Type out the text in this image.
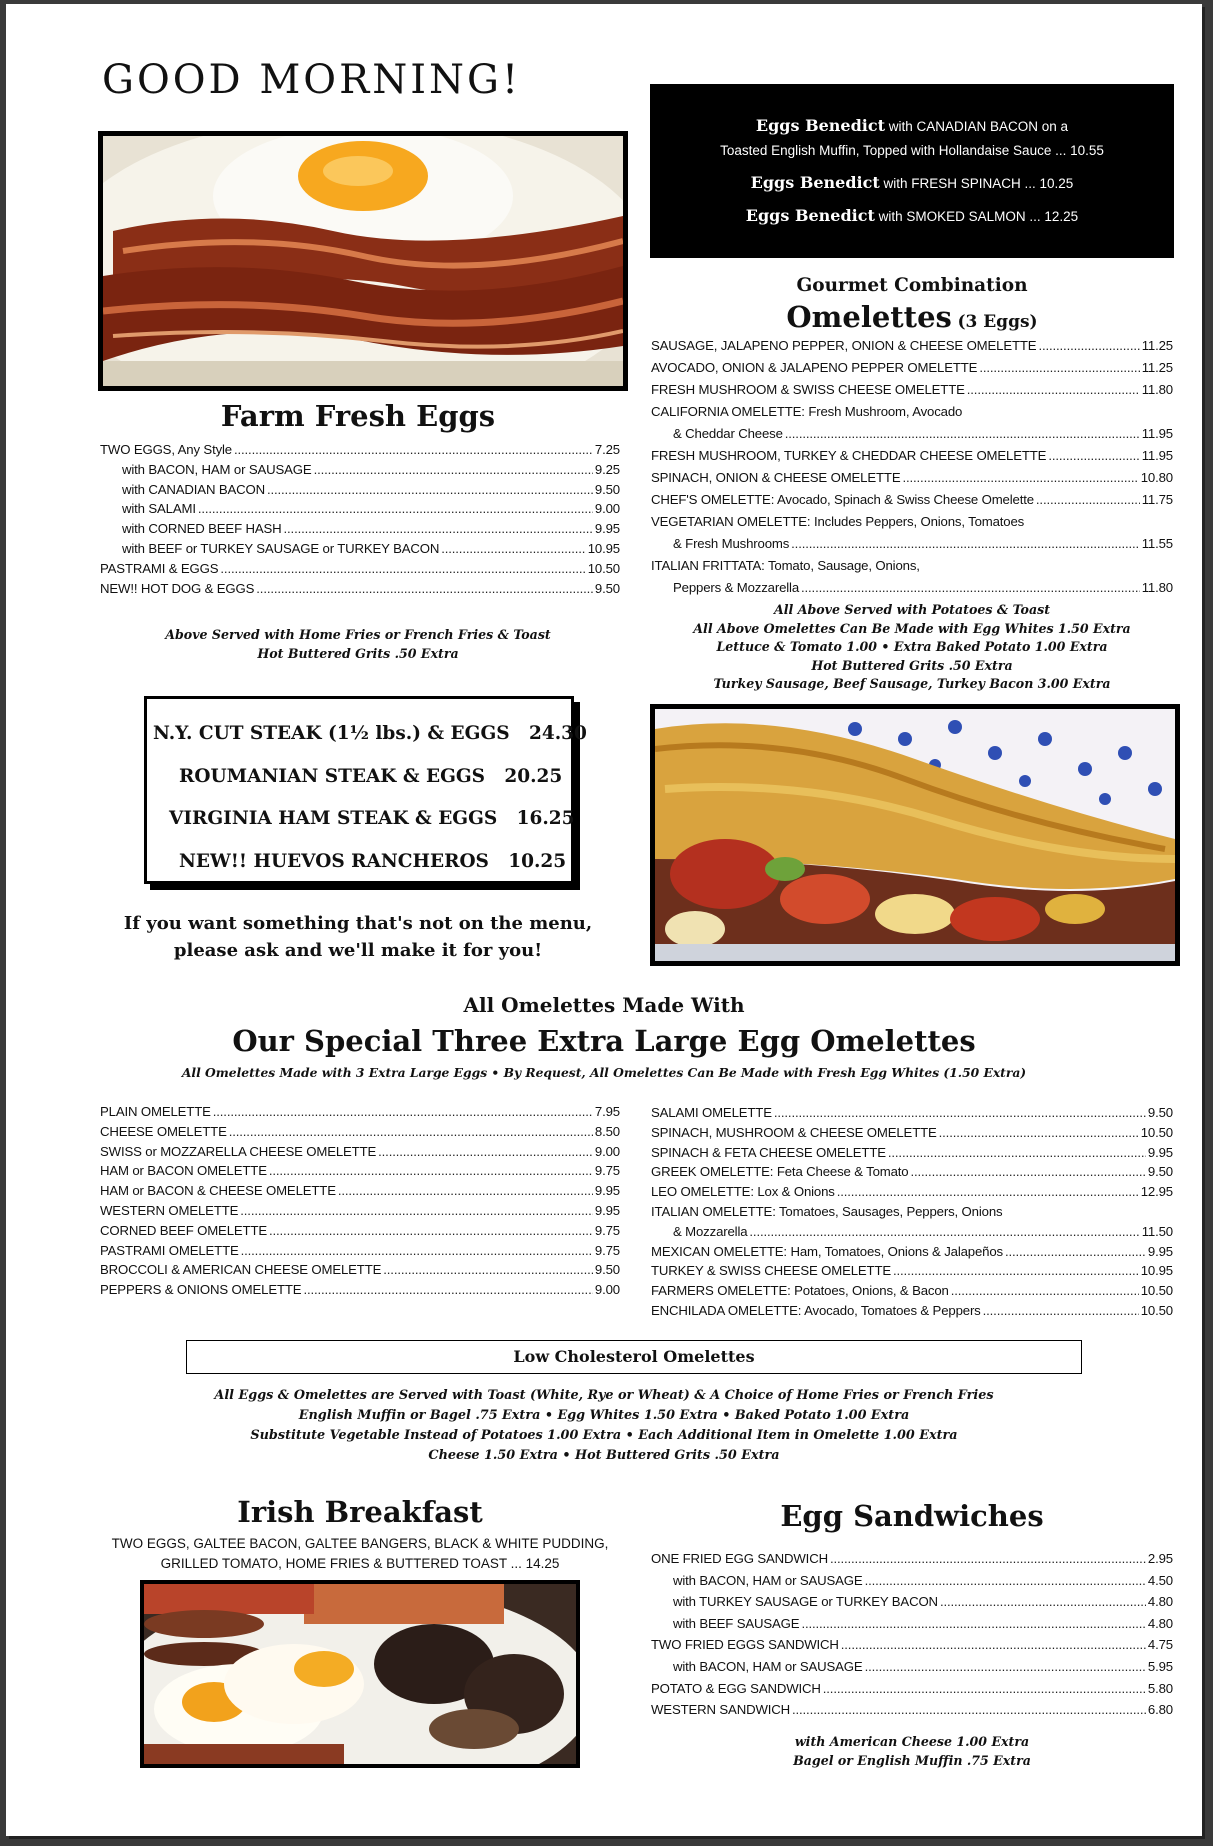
GOOD MORNING!
Farm Fresh Eggs
TWO EGGS, Any Style .....	7.25
with BACON, HAM or SAUSAGE .....	9.25
with CANADIAN BACON .....	9.50
with SALAMI .....	9.00
with CORNED BEEF HASH .....	9.95
with BEEF or TURKEY SAUSAGE or TURKEY BACON .....	10.95
PASTRAMI & EGGS .....	10.50
NEW!! HOT DOG & EGGS .....	9.50
Above Served with Home Fries or French Fries & Toast
Hot Buttered Grits .50 Extra
N.Y. CUT STEAK (1½ lbs.) & EGGS 24.30
ROUMANIAN STEAK & EGGS 20.25
VIRGINIA HAM STEAK & EGGS 16.25
NEW!! HUEVOS RANCHEROS 10.25
If you want something that's not on the menu,
please ask and we'll make it for you!
Eggs Benedict with CANADIAN BACON on a
Toasted English Muffin, Topped with Hollandaise Sauce ... 10.55
Eggs Benedict with FRESH SPINACH ... 10.25
Eggs Benedict with SMOKED SALMON ... 12.25
Gourmet Combination
Omelettes (3 Eggs)
SAUSAGE, JALAPENO PEPPER, ONION & CHEESE OMELETTE .....	11.25
AVOCADO, ONION & JALAPENO PEPPER OMELETTE .....	11.25
FRESH MUSHROOM & SWISS CHEESE OMELETTE .....	11.80
CALIFORNIA OMELETTE: Fresh Mushroom, Avocado
& Cheddar Cheese .....	11.95
FRESH MUSHROOM, TURKEY & CHEDDAR CHEESE OMELETTE .....	11.95
SPINACH, ONION & CHEESE OMELETTE .....	10.80
CHEF'S OMELETTE: Avocado, Spinach & Swiss Cheese Omelette .....	11.75
VEGETARIAN OMELETTE: Includes Peppers, Onions, Tomatoes
& Fresh Mushrooms .....	11.55
ITALIAN FRITTATA: Tomato, Sausage, Onions,
Peppers & Mozzarella .....	11.80
All Above Served with Potatoes & Toast
All Above Omelettes Can Be Made with Egg Whites 1.50 Extra
Lettuce & Tomato 1.00 • Extra Baked Potato 1.00 Extra
Hot Buttered Grits .50 Extra
Turkey Sausage, Beef Sausage, Turkey Bacon 3.00 Extra
All Omelettes Made With
Our Special Three Extra Large Egg Omelettes
All Omelettes Made with 3 Extra Large Eggs • By Request, All Omelettes Can Be Made with Fresh Egg Whites (1.50 Extra)
PLAIN OMELETTE .....	7.95
CHEESE OMELETTE .....	8.50
SWISS or MOZZARELLA CHEESE OMELETTE .....	9.00
HAM or BACON OMELETTE .....	9.75
HAM or BACON & CHEESE OMELETTE .....	9.95
WESTERN OMELETTE .....	9.95
CORNED BEEF OMELETTE .....	9.75
PASTRAMI OMELETTE .....	9.75
BROCCOLI & AMERICAN CHEESE OMELETTE .....	9.50
PEPPERS & ONIONS OMELETTE .....	9.00
SALAMI OMELETTE .....	9.50
SPINACH, MUSHROOM & CHEESE OMELETTE .....	10.50
SPINACH & FETA CHEESE OMELETTE .....	9.95
GREEK OMELETTE: Feta Cheese & Tomato .....	9.50
LEO OMELETTE: Lox & Onions .....	12.95
ITALIAN OMELETTE: Tomatoes, Sausages, Peppers, Onions
& Mozzarella .....	11.50
MEXICAN OMELETTE: Ham, Tomatoes, Onions & Jalapeños .....	9.95
TURKEY & SWISS CHEESE OMELETTE .....	10.95
FARMERS OMELETTE: Potatoes, Onions, & Bacon .....	10.50
ENCHILADA OMELETTE: Avocado, Tomatoes & Peppers .....	10.50
Low Cholesterol Omelettes
All Eggs & Omelettes are Served with Toast (White, Rye or Wheat) & A Choice of Home Fries or French Fries
English Muffin or Bagel .75 Extra • Egg Whites 1.50 Extra • Baked Potato 1.00 Extra
Substitute Vegetable Instead of Potatoes 1.00 Extra • Each Additional Item in Omelette 1.00 Extra
Cheese 1.50 Extra • Hot Buttered Grits .50 Extra
Irish Breakfast
TWO EGGS, GALTEE BACON, GALTEE BANGERS, BLACK & WHITE PUDDING,
GRILLED TOMATO, HOME FRIES & BUTTERED TOAST ... 14.25
Egg Sandwiches
ONE FRIED EGG SANDWICH .....	2.95
with BACON, HAM or SAUSAGE .....	4.50
with TURKEY SAUSAGE or TURKEY BACON .....	4.80
with BEEF SAUSAGE .....	4.80
TWO FRIED EGGS SANDWICH .....	4.75
with BACON, HAM or SAUSAGE .....	5.95
POTATO & EGG SANDWICH .....	5.80
WESTERN SANDWICH .....	6.80
with American Cheese 1.00 Extra
Bagel or English Muffin .75 Extra
